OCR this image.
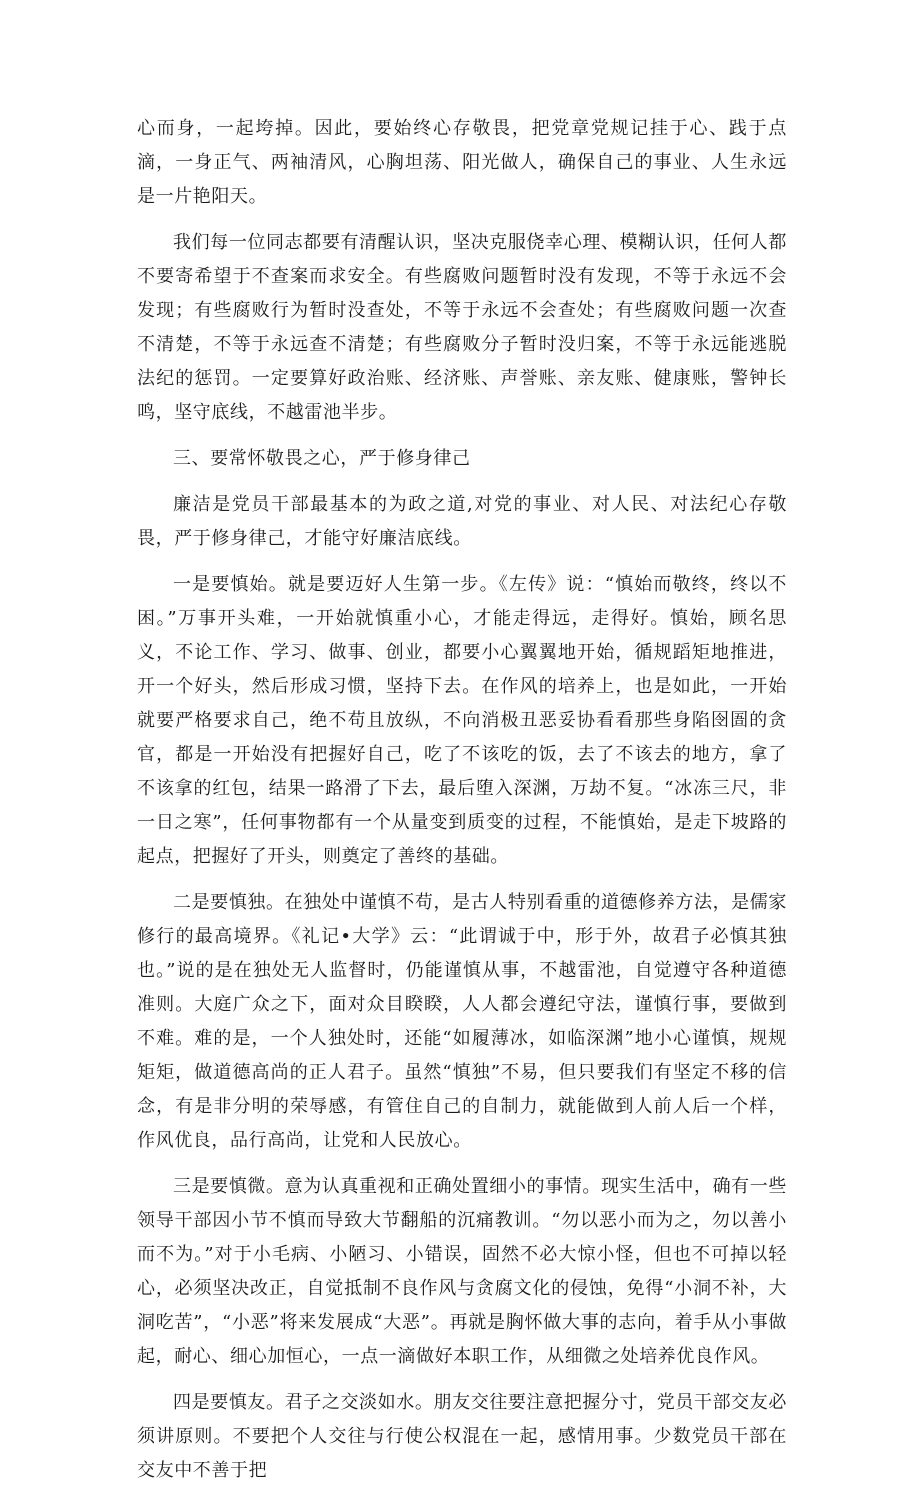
心而身，一起垮掉。因此，要始终心存敬畏，把党章党规记挂于心、践于点滴，一身正气、两袖清风，心胸坦荡、阳光做人，确保自己的事业、人生永远是一片艳阳天。

我们每一位同志都要有清醒认识，坚决克服侥幸心理、模糊认识，任何人都不要寄希望于不查案而求安全。有些腐败问题暂时没有发现，不等于永远不会发现；有些腐败行为暂时没查处，不等于永远不会查处；有些腐败问题一次查不清楚，不等于永远查不清楚；有些腐败分子暂时没归案，不等于永远能逃脱法纪的惩罚。一定要算好政治账、经济账、声誉账、亲友账、健康账，警钟长鸣，坚守底线，不越雷池半步。

三、要常怀敬畏之心，严于修身律己

廉洁是党员干部最基本的为政之道,对党的事业、对人民、对法纪心存敬畏，严于修身律己，才能守好廉洁底线。

一是要慎始。就是要迈好人生第一步。《左传》说：“慎始而敬终，终以不困。”万事开头难，一开始就慎重小心，才能走得远，走得好。慎始，顾名思义，不论工作、学习、做事、创业，都要小心翼翼地开始，循规蹈矩地推进，开一个好头，然后形成习惯，坚持下去。在作风的培养上，也是如此，一开始就要严格要求自己，绝不苟且放纵，不向消极丑恶妥协看看那些身陷囹圄的贪官，都是一开始没有把握好自己，吃了不该吃的饭，去了不该去的地方，拿了不该拿的红包，结果一路滑了下去，最后堕入深渊，万劫不复。“冰冻三尺，非一日之寒”，任何事物都有一个从量变到质变的过程，不能慎始，是走下坡路的起点，把握好了开头，则奠定了善终的基础。

二是要慎独。在独处中谨慎不苟，是古人特别看重的道德修养方法，是儒家修行的最高境界。《礼记•大学》云：“此谓诚于中，形于外，故君子必慎其独也。”说的是在独处无人监督时，仍能谨慎从事，不越雷池，自觉遵守各种道德准则。大庭广众之下，面对众目睽睽，人人都会遵纪守法，谨慎行事，要做到不难。难的是，一个人独处时，还能“如履薄冰，如临深渊”地小心谨慎，规规矩矩，做道德高尚的正人君子。虽然“慎独”不易，但只要我们有坚定不移的信念，有是非分明的荣辱感，有管住自己的自制力，就能做到人前人后一个样，作风优良，品行高尚，让党和人民放心。

三是要慎微。意为认真重视和正确处置细小的事情。现实生活中，确有一些领导干部因小节不慎而导致大节翻船的沉痛教训。“勿以恶小而为之，勿以善小而不为。”对于小毛病、小陋习、小错误，固然不必大惊小怪，但也不可掉以轻心，必须坚决改正，自觉抵制不良作风与贪腐文化的侵蚀，免得“小洞不补，大洞吃苦”，“小恶”将来发展成“大恶”。再就是胸怀做大事的志向，着手从小事做起，耐心、细心加恒心，一点一滴做好本职工作，从细微之处培养优良作风。

四是要慎友。君子之交淡如水。朋友交往要注意把握分寸，党员干部交友必须讲原则。不要把个人交往与行使公权混在一起，感情用事。少数党员干部在交友中不善于把
